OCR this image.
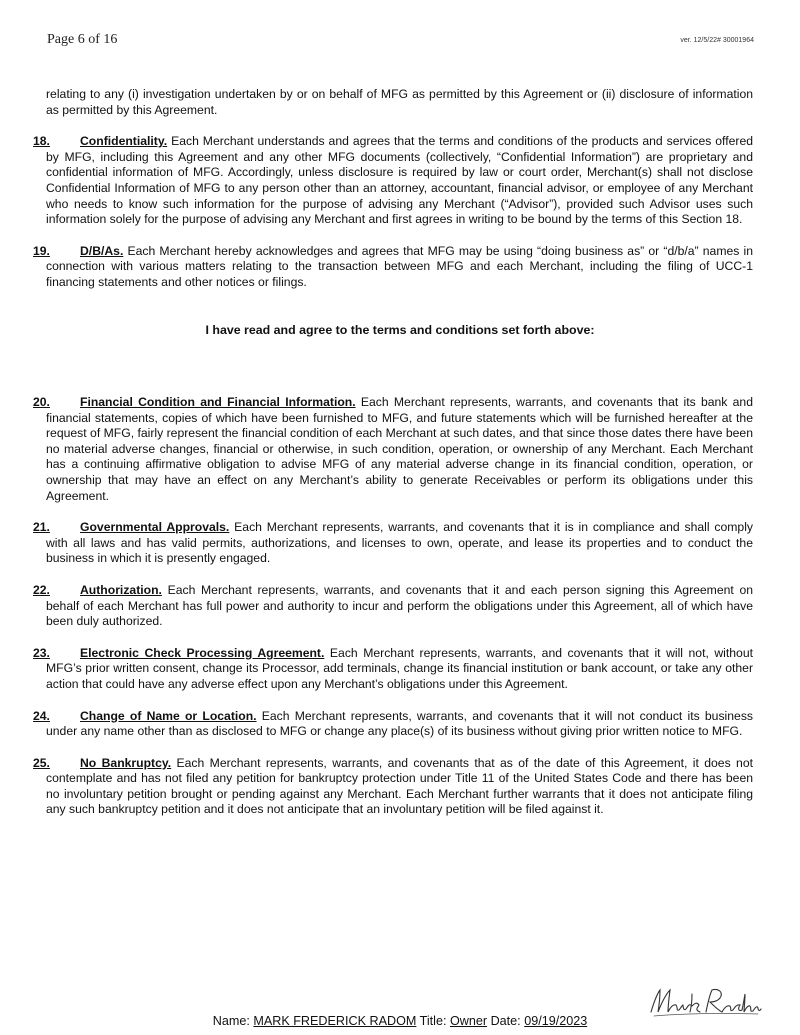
Page 6 of 16	ver. 12/5/22# 30001964

relating to any (i) investigation undertaken by or on behalf of MFG as permitted by this Agreement or (ii) disclosure of information as permitted by this Agreement.

18. Confidentiality. Each Merchant understands and agrees that the terms and conditions of the products and services offered by MFG, including this Agreement and any other MFG documents (collectively, “Confidential Information”) are proprietary and confidential information of MFG. Accordingly, unless disclosure is required by law or court order, Merchant(s) shall not disclose Confidential Information of MFG to any person other than an attorney, accountant, financial advisor, or employee of any Merchant who needs to know such information for the purpose of advising any Merchant (“Advisor”), provided such Advisor uses such information solely for the purpose of advising any Merchant and first agrees in writing to be bound by the terms of this Section 18.

19. D/B/As. Each Merchant hereby acknowledges and agrees that MFG may be using “doing business as” or “d/b/a” names in connection with various matters relating to the transaction between MFG and each Merchant, including the filing of UCC-1 financing statements and other notices or filings.

I have read and agree to the terms and conditions set forth above:

20. Financial Condition and Financial Information. Each Merchant represents, warrants, and covenants that its bank and financial statements, copies of which have been furnished to MFG, and future statements which will be furnished hereafter at the request of MFG, fairly represent the financial condition of each Merchant at such dates, and that since those dates there have been no material adverse changes, financial or otherwise, in such condition, operation, or ownership of any Merchant. Each Merchant has a continuing affirmative obligation to advise MFG of any material adverse change in its financial condition, operation, or ownership that may have an effect on any Merchant’s ability to generate Receivables or perform its obligations under this Agreement.

21. Governmental Approvals. Each Merchant represents, warrants, and covenants that it is in compliance and shall comply with all laws and has valid permits, authorizations, and licenses to own, operate, and lease its properties and to conduct the business in which it is presently engaged.

22. Authorization. Each Merchant represents, warrants, and covenants that it and each person signing this Agreement on behalf of each Merchant has full power and authority to incur and perform the obligations under this Agreement, all of which have been duly authorized.

23. Electronic Check Processing Agreement. Each Merchant represents, warrants, and covenants that it will not, without MFG’s prior written consent, change its Processor, add terminals, change its financial institution or bank account, or take any other action that could have any adverse effect upon any Merchant’s obligations under this Agreement.

24. Change of Name or Location. Each Merchant represents, warrants, and covenants that it will not conduct its business under any name other than as disclosed to MFG or change any place(s) of its business without giving prior written notice to MFG.

25. No Bankruptcy. Each Merchant represents, warrants, and covenants that as of the date of this Agreement, it does not contemplate and has not filed any petition for bankruptcy protection under Title 11 of the United States Code and there has been no involuntary petition brought or pending against any Merchant. Each Merchant further warrants that it does not anticipate filing any such bankruptcy petition and it does not anticipate that an involuntary petition will be filed against it.

Name: MARK FREDERICK RADOM Title: Owner Date: 09/19/2023
